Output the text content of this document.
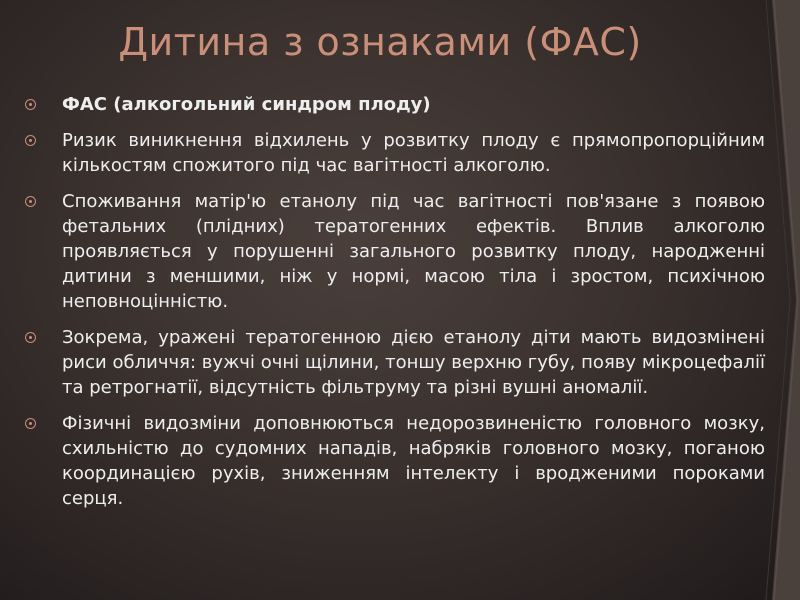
Дитина з ознаками (ФАС)
ФАС (алкогольний синдром плоду)
Ризик виникнення відхилень у розвитку плоду є прямопропорційним кількостям спожитого під час вагітності алкоголю.
Споживання матір'ю етанолу під час вагітності пов'язане з появою фетальних (плідних) тератогенних ефектів. Вплив алкоголю проявляється у порушенні загального розвитку плоду, народженні дитини з меншими, ніж у нормі, масою тіла і зростом, психічною неповноцінністю.
Зокрема, уражені тератогенною дією етанолу діти мають видозмінені риси обличчя: вужчі очні щілини, тоншу верхню губу, появу мікроцефалії та ретрогнатії, відсутність фільтруму та різні вушні аномалії.
Фізичні видозміни доповнюються недорозвиненістю головного мозку, схильністю до судомних нападів, набряків головного мозку, поганою координацією рухів, зниженням інтелекту і вродженими пороками серця.
